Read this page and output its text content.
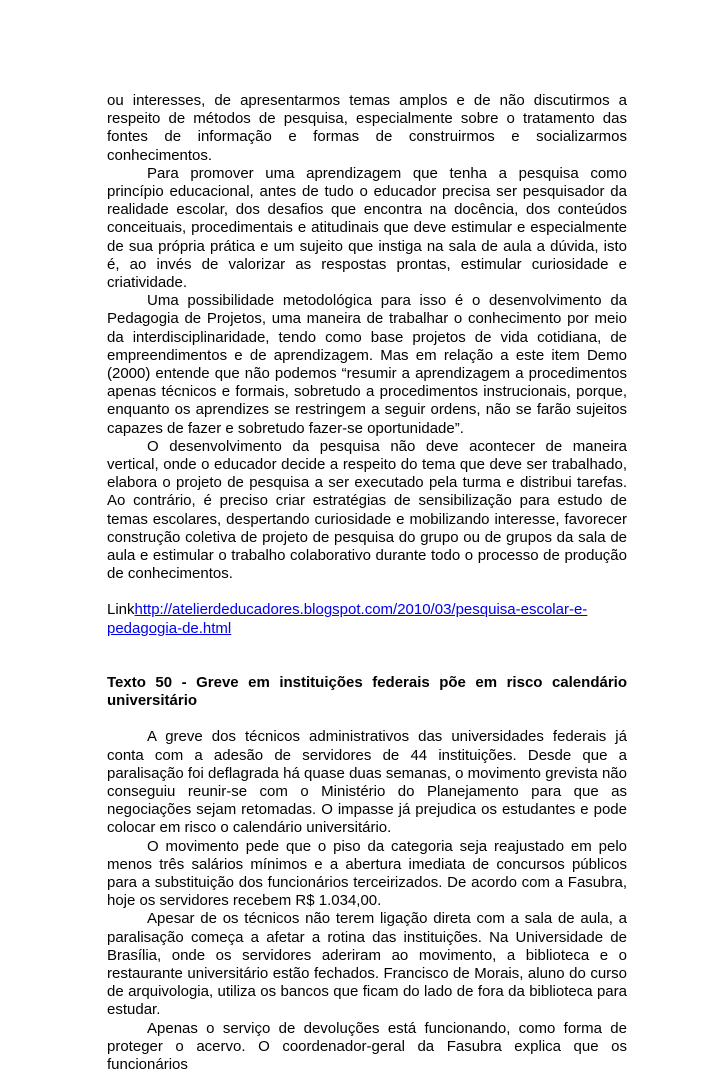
ou interesses, de apresentarmos temas amplos e de não discutirmos a respeito de métodos de pesquisa, especialmente sobre o tratamento das fontes de informação e formas de construirmos e socializarmos conhecimentos.

Para promover uma aprendizagem que tenha a pesquisa como princípio educacional, antes de tudo o educador precisa ser pesquisador da realidade escolar, dos desafios que encontra na docência, dos conteúdos conceituais, procedimentais e atitudinais que deve estimular e especialmente de sua própria prática e um sujeito que instiga na sala de aula a dúvida, isto é, ao invés de valorizar as respostas prontas, estimular curiosidade e criatividade.

Uma possibilidade metodológica para isso é o desenvolvimento da Pedagogia de Projetos, uma maneira de trabalhar o conhecimento por meio da interdisciplinaridade, tendo como base projetos de vida cotidiana, de empreendimentos e de aprendizagem. Mas em relação a este item Demo (2000) entende que não podemos “resumir a aprendizagem a procedimentos apenas técnicos e formais, sobretudo a procedimentos instrucionais, porque, enquanto os aprendizes se restringem a seguir ordens, não se farão sujeitos capazes de fazer e sobretudo fazer-se oportunidade”.

O desenvolvimento da pesquisa não deve acontecer de maneira vertical, onde o educador decide a respeito do tema que deve ser trabalhado, elabora o projeto de pesquisa a ser executado pela turma e distribui tarefas. Ao contrário, é preciso criar estratégias de sensibilização para estudo de temas escolares, despertando curiosidade e mobilizando interesse, favorecer construção coletiva de projeto de pesquisa do grupo ou de grupos da sala de aula e estimular o trabalho colaborativo durante todo o processo de produção de conhecimentos.

Linkhttp://atelierdeducadores.blogspot.com/2010/03/pesquisa-escolar-e-pedagogia-de.html

Texto 50 - Greve em instituições federais põe em risco calendário universitário

A greve dos técnicos administrativos das universidades federais já conta com a adesão de servidores de 44 instituições. Desde que a paralisação foi deflagrada há quase duas semanas, o movimento grevista não conseguiu reunir-se com o Ministério do Planejamento para que as negociações sejam retomadas. O impasse já prejudica os estudantes e pode colocar em risco o calendário universitário.

O movimento pede que o piso da categoria seja reajustado em pelo menos três salários mínimos e a abertura imediata de concursos públicos para a substituição dos funcionários terceirizados. De acordo com a Fasubra, hoje os servidores recebem R$ 1.034,00.

Apesar de os técnicos não terem ligação direta com a sala de aula, a paralisação começa a afetar a rotina das instituições. Na Universidade de Brasília, onde os servidores aderiram ao movimento, a biblioteca e o restaurante universitário estão fechados. Francisco de Morais, aluno do curso de arquivologia, utiliza os bancos que ficam do lado de fora da biblioteca para estudar.

Apenas o serviço de devoluções está funcionando, como forma de proteger o acervo. O coordenador-geral da Fasubra explica que os funcionários
